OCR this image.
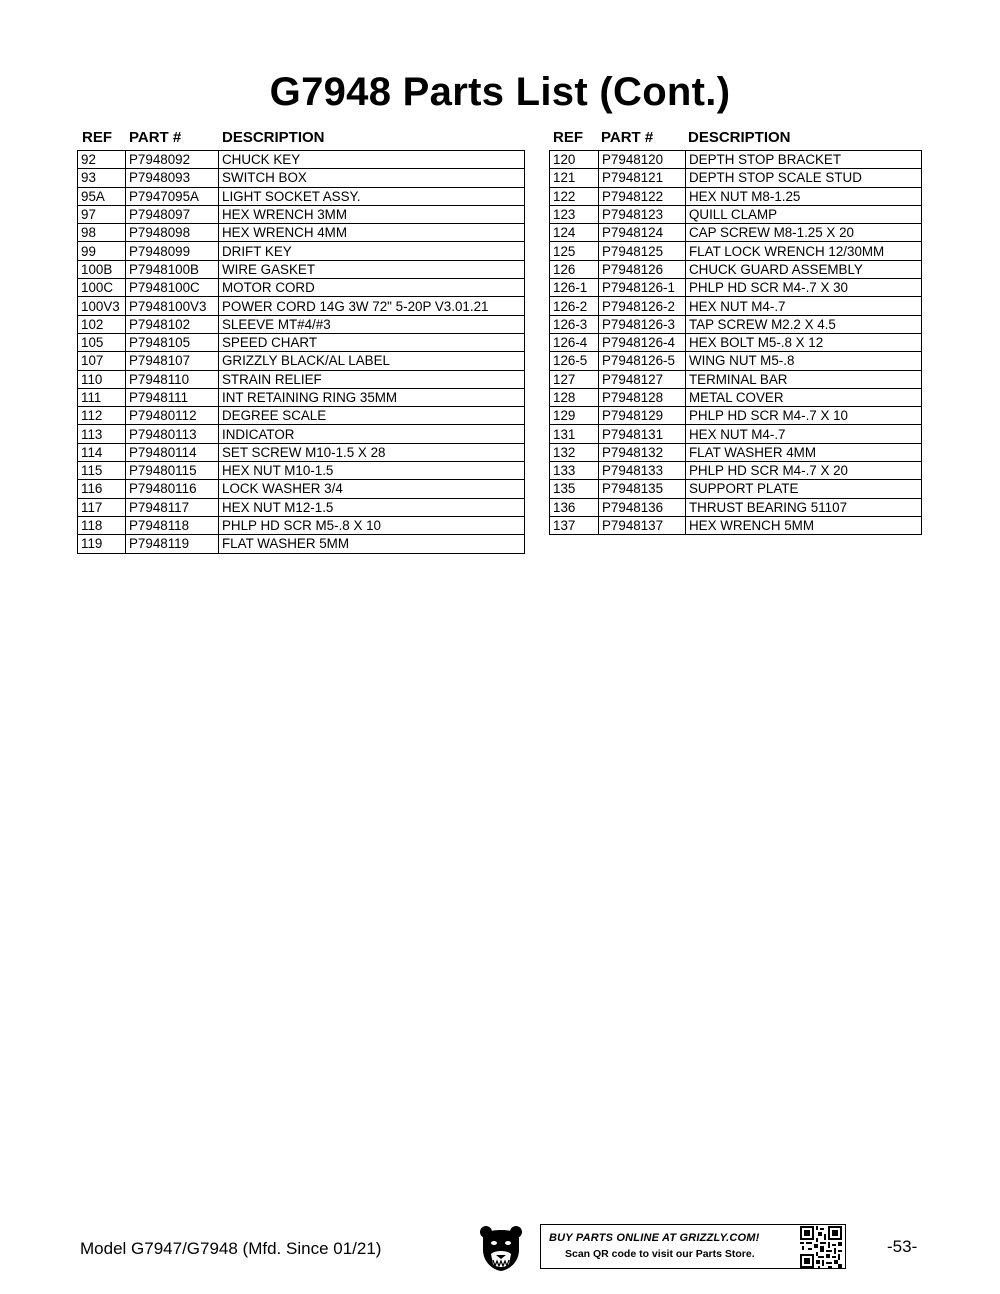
G7948 Parts List (Cont.)
REF PART #	DESCRIPTION	REF PART # DESCRIPTION
92	P7948092	CHUCK KEY
93	P7948093	SWITCH BOX
95A	P7947095A	LIGHT SOCKET ASSY.
97	P7948097	HEX WRENCH 3MM
98	P7948098	HEX WRENCH 4MM
99	P7948099	DRIFT KEY
100B	P7948100B	WIRE GASKET
100C	P7948100C	MOTOR CORD
100V3	P7948100V3	POWER CORD 14G 3W 72" 5-20P V3.01.21
102	P7948102	SLEEVE MT#4/#3
105	P7948105	SPEED CHART
107	P7948107	GRIZZLY BLACK/AL LABEL
110	P7948110	STRAIN RELIEF
111	P7948111	INT RETAINING RING 35MM
112	P79480112	DEGREE SCALE
113	P79480113	INDICATOR
114	P79480114	SET SCREW M10-1.5 X 28
115	P79480115	HEX NUT M10-1.5
116	P79480116	LOCK WASHER 3/4
117	P7948117	HEX NUT M12-1.5
118	P7948118	PHLP HD SCR M5-.8 X 10
119	P7948119	FLAT WASHER 5MM
120	P7948120	DEPTH STOP BRACKET
121	P7948121	DEPTH STOP SCALE STUD
122	P7948122	HEX NUT M8-1.25
123	P7948123	QUILL CLAMP
124	P7948124	CAP SCREW M8-1.25 X 20
125	P7948125	FLAT LOCK WRENCH 12/30MM
126	P7948126	CHUCK GUARD ASSEMBLY
126-1	P7948126-1	PHLP HD SCR M4-.7 X 30
126-2	P7948126-2	HEX NUT M4-.7
126-3	P7948126-3	TAP SCREW M2.2 X 4.5
126-4	P7948126-4	HEX BOLT M5-.8 X 12
126-5	P7948126-5	WING NUT M5-.8
127	P7948127	TERMINAL BAR
128	P7948128	METAL COVER
129	P7948129	PHLP HD SCR M4-.7 X 10
131	P7948131	HEX NUT M4-.7
132	P7948132	FLAT WASHER 4MM
133	P7948133	PHLP HD SCR M4-.7 X 20
135	P7948135	SUPPORT PLATE
136	P7948136	THRUST BEARING 51107
137	P7948137	HEX WRENCH 5MM
Model G7947/G7948 (Mfd. Since 01/21)
BUY PARTS ONLINE AT GRIZZLY.COM!
Scan QR code to visit our Parts Store.	-53-
